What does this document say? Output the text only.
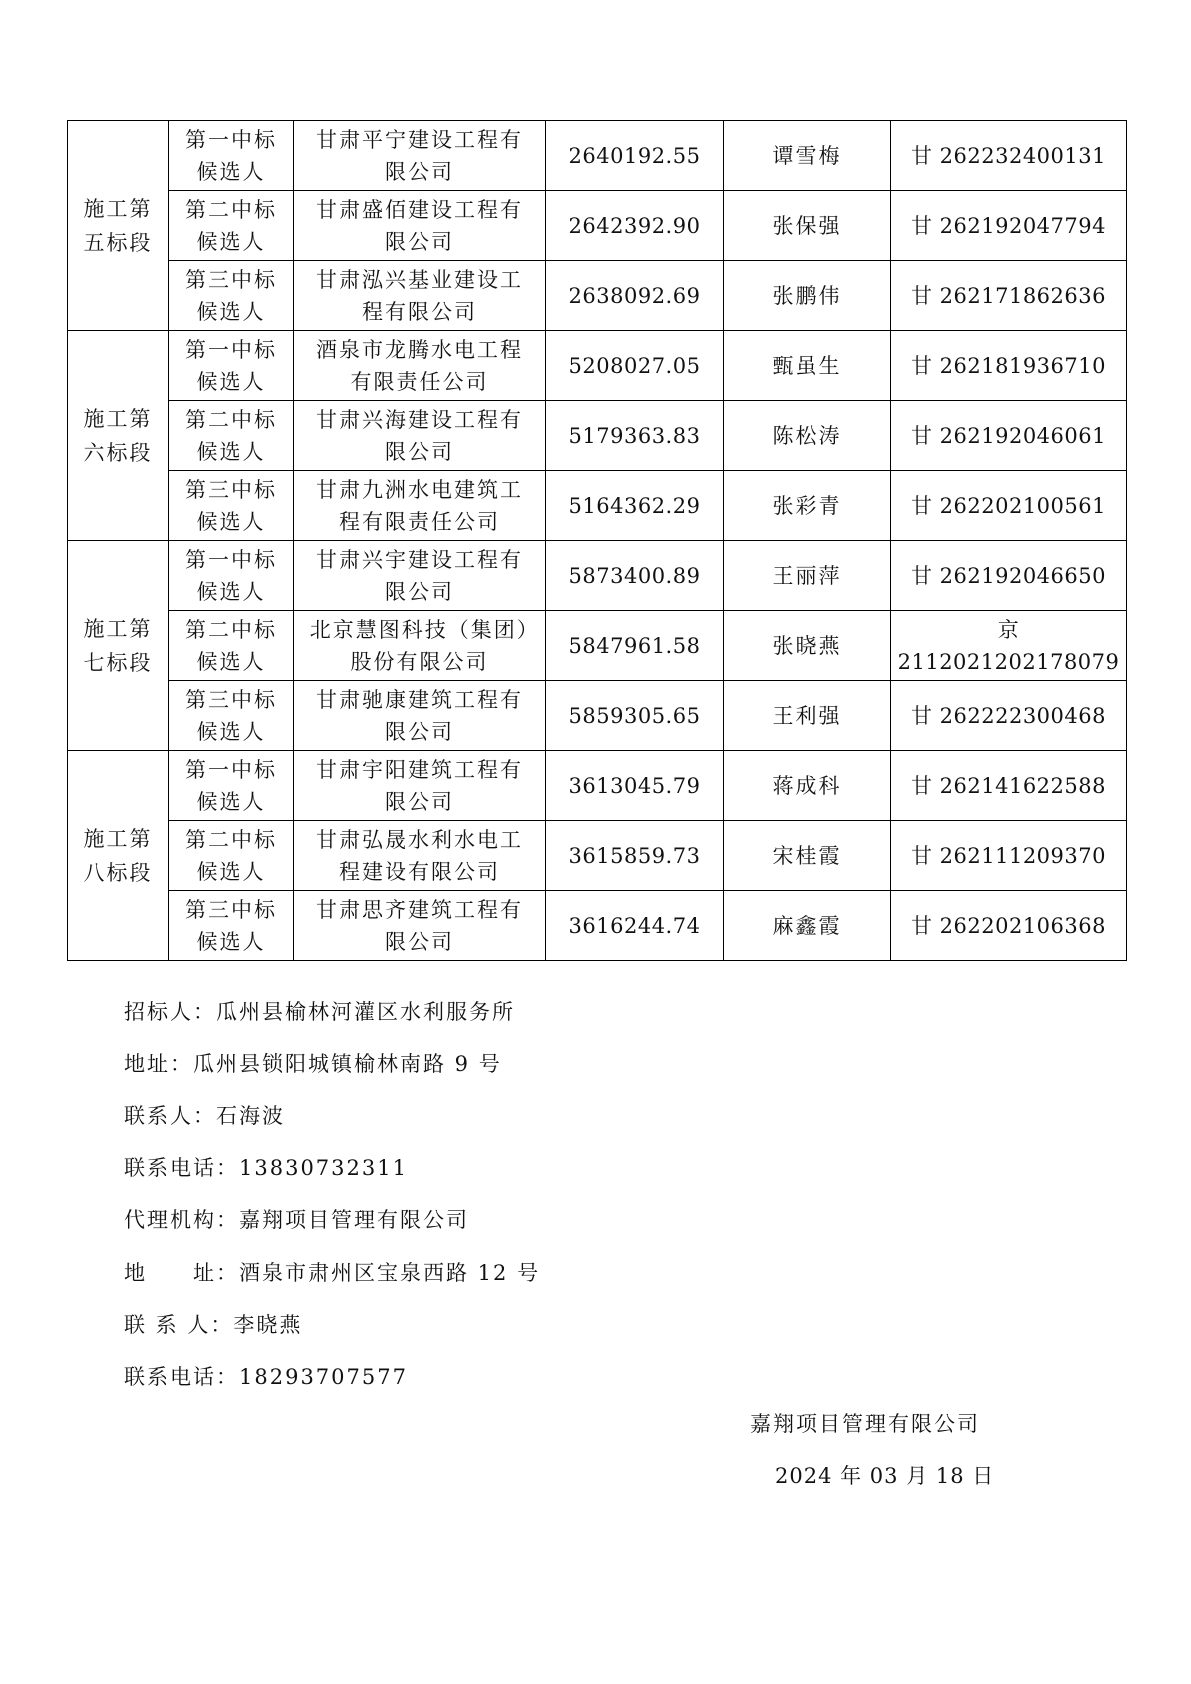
施工第五标段	第一中标候选人	甘肃平宁建设工程有限公司	2640192.55	谭雪梅	甘 262232400131

	第二中标候选人	甘肃盛佰建设工程有限公司	2642392.90	张保强	甘 262192047794

	第三中标候选人	甘肃泓兴基业建设工程有限公司	2638092.69	张鹏伟	甘 262171862636

施工第六标段	第一中标候选人	酒泉市龙腾水电工程有限责任公司	5208027.05	甄虽生	甘 262181936710

	第二中标候选人	甘肃兴海建设工程有限公司	5179363.83	陈松涛	甘 262192046061

	第三中标候选人	甘肃九洲水电建筑工程有限责任公司	5164362.29	张彩青	甘 262202100561

施工第七标段	第一中标候选人	甘肃兴宇建设工程有限公司	5873400.89	王丽萍	甘 262192046650

	第二中标候选人	北京慧图科技（集团）股份有限公司	5847961.58	张晓燕	京 2112021202178079

	第三中标候选人	甘肃驰康建筑工程有限公司	5859305.65	王利强	甘 262222300468

施工第八标段	第一中标候选人	甘肃宇阳建筑工程有限公司	3613045.79	蒋成科	甘 262141622588

	第二中标候选人	甘肃弘晟水利水电工程建设有限公司	3615859.73	宋桂霞	甘 262111209370

	第三中标候选人	甘肃思齐建筑工程有限公司	3616244.74	麻鑫霞	甘 262202106368
招标人：瓜州县榆林河灌区水利服务所
地址：瓜州县锁阳城镇榆林南路 9 号
联系人：石海波
联系电话：13830732311
代理机构：嘉翔项目管理有限公司
地　　址：酒泉市肃州区宝泉西路 12 号
联 系 人：李晓燕
联系电话：18293707577
嘉翔项目管理有限公司
2024 年 03 月 18 日
